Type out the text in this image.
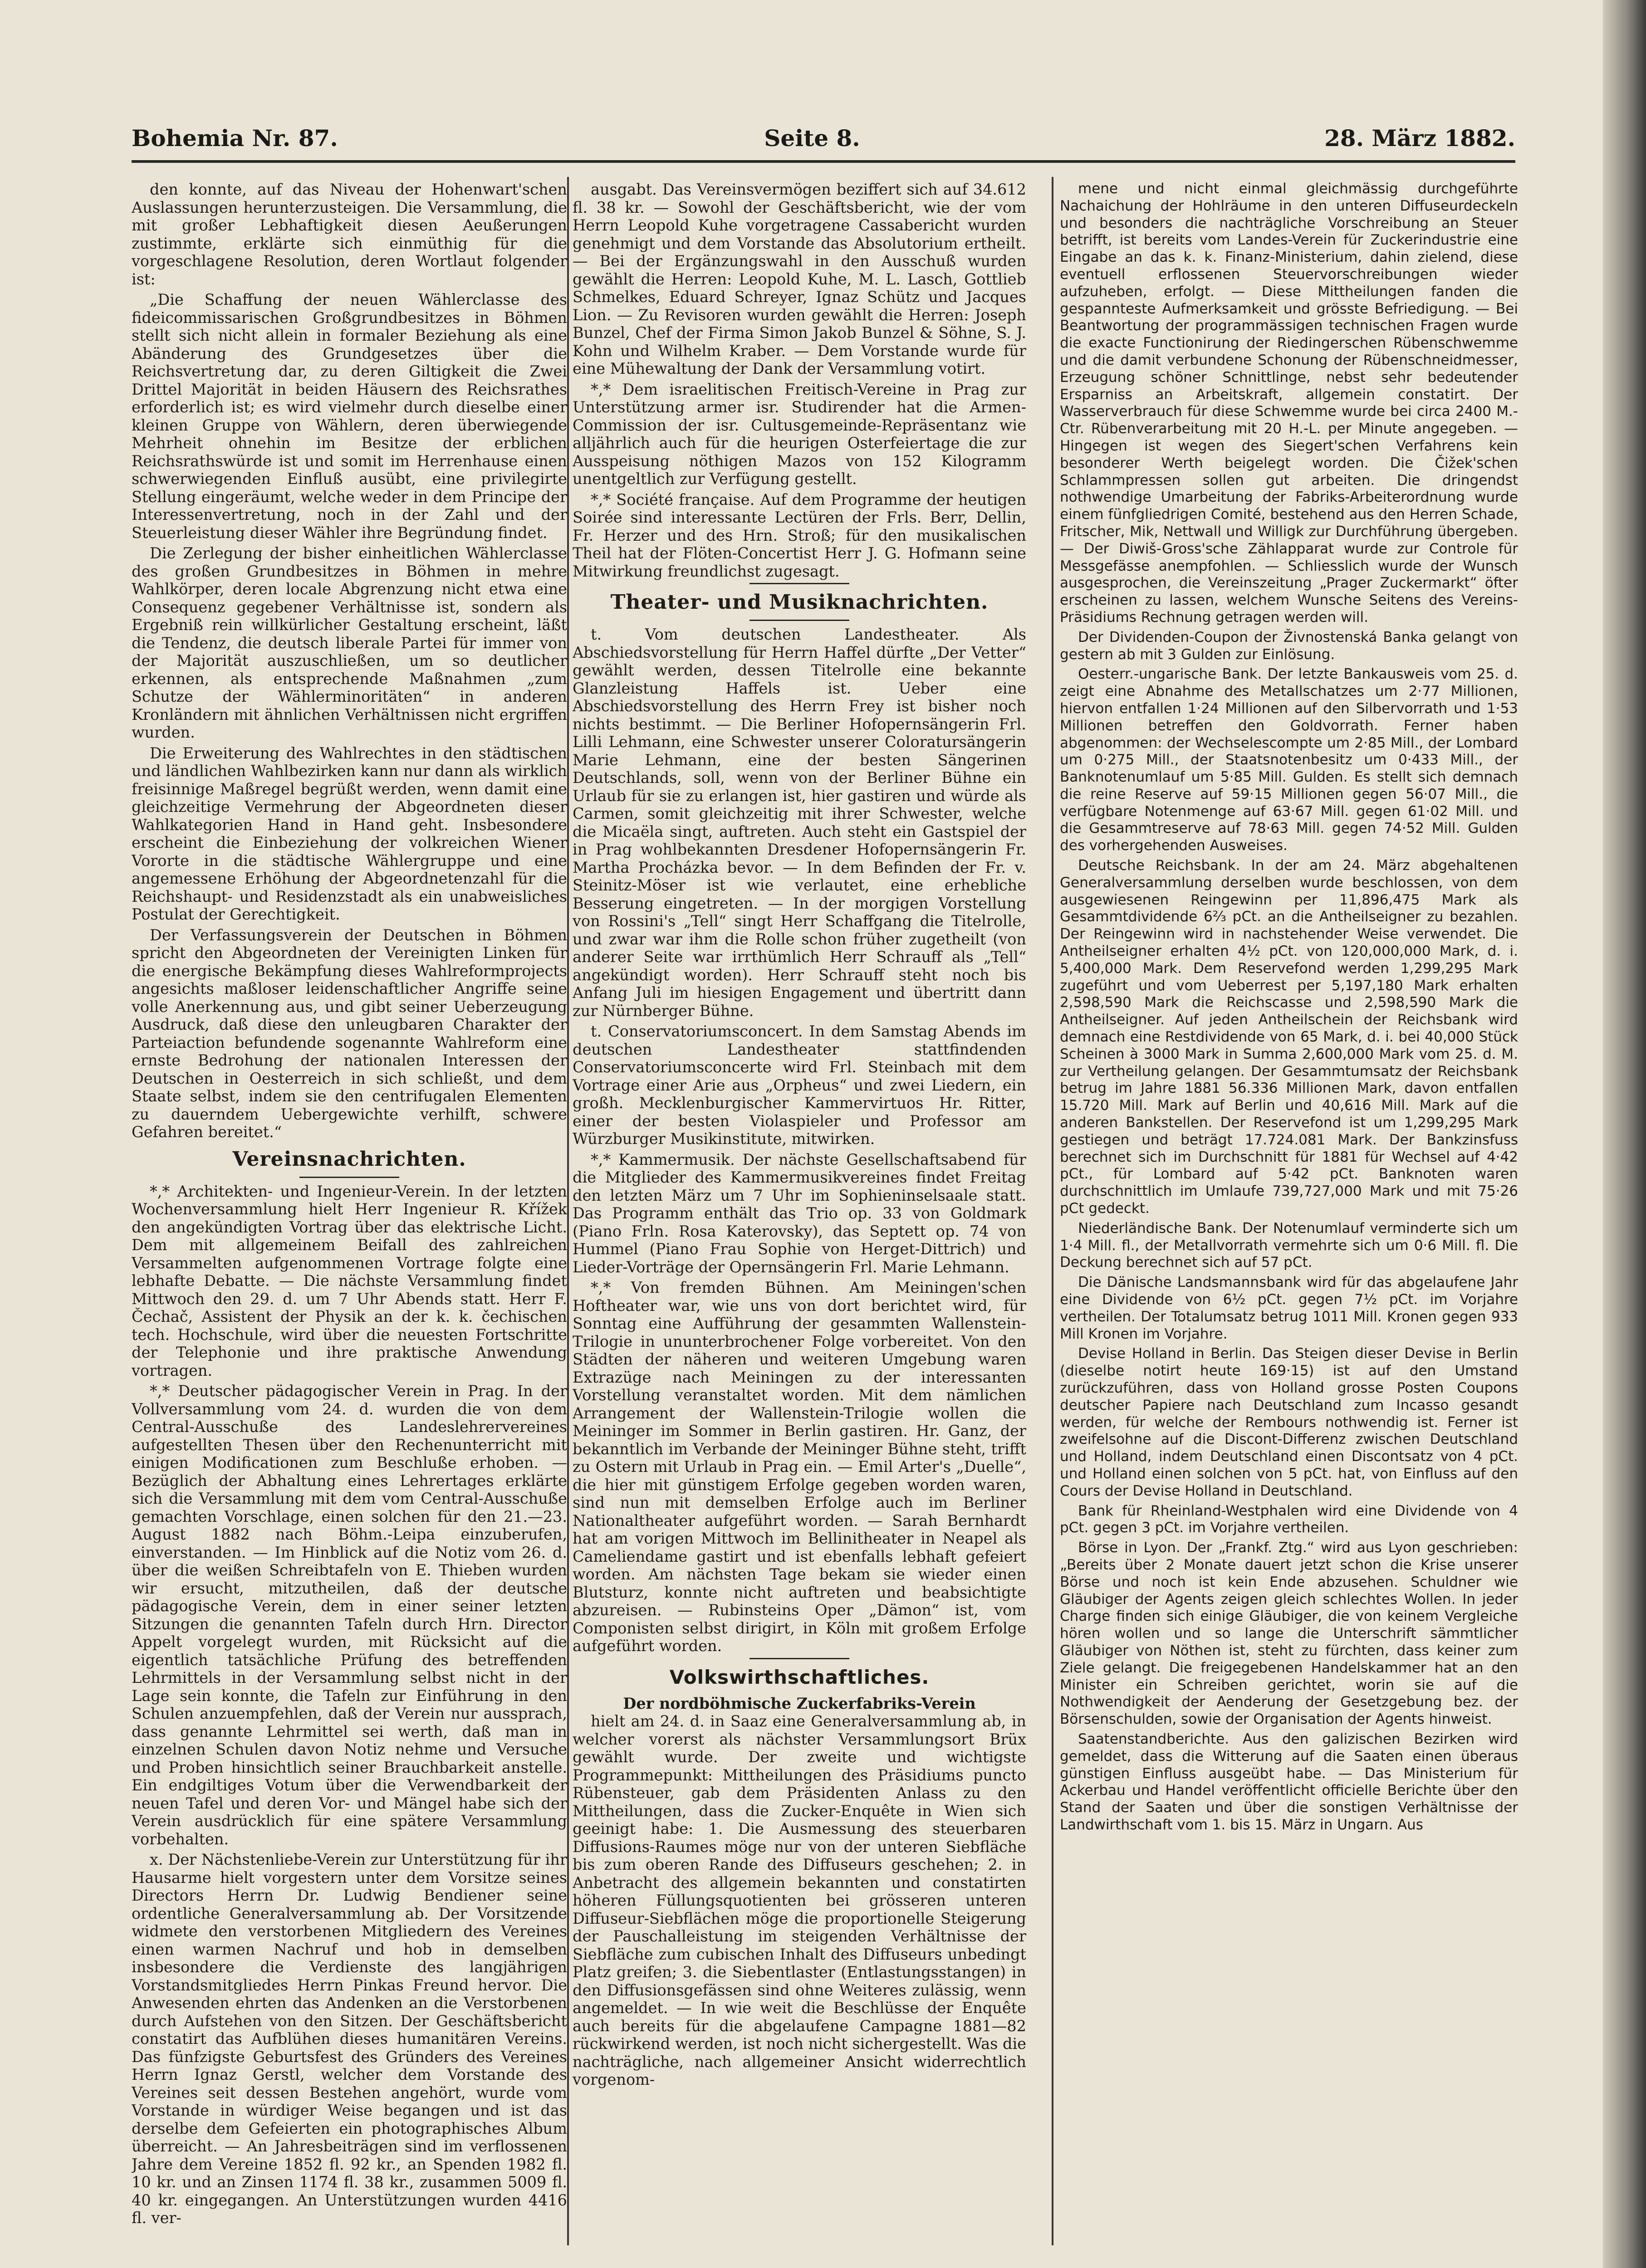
Bohemia Nr. 87.	Seite 8.	28. März 1882.

den konnte, auf das Niveau der Hohenwart'schen Auslassungen herunterzusteigen. Die Versammlung, die mit großer Lebhaftigkeit diesen Aeußerungen zustimmte, erklärte sich einmüthig für die vorgeschlagene Resolution, deren Wortlaut folgender ist:

„Die Schaffung der neuen Wählerclasse des fideicommissarischen Großgrundbesitzes in Böhmen stellt sich nicht allein in formaler Beziehung als eine Abänderung des Grundgesetzes über die Reichsvertretung dar, zu deren Giltigkeit die Zwei Drittel Majorität in beiden Häusern des Reichsrathes erforderlich ist; es wird vielmehr durch dieselbe einer kleinen Gruppe von Wählern, deren überwiegende Mehrheit ohnehin im Besitze der erblichen Reichsrathswürde ist und somit im Herrenhause einen schwerwiegenden Einfluß ausübt, eine privilegirte Stellung eingeräumt, welche weder in dem Principe der Interessenvertretung, noch in der Zahl und der Steuerleistung dieser Wähler ihre Begründung findet.

Die Zerlegung der bisher einheitlichen Wählerclasse des großen Grundbesitzes in Böhmen in mehre Wahlkörper, deren locale Abgrenzung nicht etwa eine Consequenz gegebener Verhältnisse ist, sondern als Ergebniß rein willkürlicher Gestaltung erscheint, läßt die Tendenz, die deutsch liberale Partei für immer von der Majorität auszuschließen, um so deutlicher erkennen, als entsprechende Maßnahmen „zum Schutze der Wählerminoritäten“ in anderen Kronländern mit ähnlichen Verhältnissen nicht ergriffen wurden.

Die Erweiterung des Wahlrechtes in den städtischen und ländlichen Wahlbezirken kann nur dann als wirklich freisinnige Maßregel begrüßt werden, wenn damit eine gleichzeitige Vermehrung der Abgeordneten dieser Wahlkategorien Hand in Hand geht. Insbesondere erscheint die Einbeziehung der volkreichen Wiener Vororte in die städtische Wählergruppe und eine angemessene Erhöhung der Abgeordnetenzahl für die Reichshaupt- und Residenzstadt als ein unabweisliches Postulat der Gerechtigkeit.

Der Verfassungsverein der Deutschen in Böhmen spricht den Abgeordneten der Vereinigten Linken für die energische Bekämpfung dieses Wahlreformprojects angesichts maßloser leidenschaftlicher Angriffe seine volle Anerkennung aus, und gibt seiner Ueberzeugung Ausdruck, daß diese den unleugbaren Charakter der Parteiaction befundende sogenannte Wahlreform eine ernste Bedrohung der nationalen Interessen der Deutschen in Oesterreich in sich schließt, und dem Staate selbst, indem sie den centrifugalen Elementen zu dauerndem Uebergewichte verhilft, schwere Gefahren bereitet.“

Vereinsnachrichten.

*,* Architekten- und Ingenieur-Verein. In der letzten Wochenversammlung hielt Herr Ingenieur R. Křížek den angekündigten Vortrag über das elektrische Licht. Dem mit allgemeinem Beifall des zahlreichen Versammelten aufgenommenen Vortrage folgte eine lebhafte Debatte. — Die nächste Versammlung findet Mittwoch den 29. d. um 7 Uhr Abends statt. Herr F. Čechač, Assistent der Physik an der k. k. čechischen tech. Hochschule, wird über die neuesten Fortschritte der Telephonie und ihre praktische Anwendung vortragen.

*,* Deutscher pädagogischer Verein in Prag. In der Vollversammlung vom 24. d. wurden die von dem Central-Ausschuße des Landeslehrervereines aufgestellten Thesen über den Rechenunterricht mit einigen Modificationen zum Beschluße erhoben. — Bezüglich der Abhaltung eines Lehrertages erklärte sich die Versammlung mit dem vom Central-Ausschuße gemachten Vorschlage, einen solchen für den 21.—23. August 1882 nach Böhm.-Leipa einzuberufen, einverstanden. — Im Hinblick auf die Notiz vom 26. d. über die weißen Schreibtafeln von E. Thieben wurden wir ersucht, mitzutheilen, daß der deutsche pädagogische Verein, dem in einer seiner letzten Sitzungen die genannten Tafeln durch Hrn. Director Appelt vorgelegt wurden, mit Rücksicht auf die eigentlich tatsächliche Prüfung des betreffenden Lehrmittels in der Versammlung selbst nicht in der Lage sein konnte, die Tafeln zur Einführung in den Schulen anzuempfehlen, daß der Verein nur aussprach, dass genannte Lehrmittel sei werth, daß man in einzelnen Schulen davon Notiz nehme und Versuche und Proben hinsichtlich seiner Brauchbarkeit anstelle. Ein endgiltiges Votum über die Verwendbarkeit der neuen Tafel und deren Vor- und Mängel habe sich der Verein ausdrücklich für eine spätere Versammlung vorbehalten.

x. Der Nächstenliebe-Verein zur Unterstützung für ihr Hausarme hielt vorgestern unter dem Vorsitze seines Directors Herrn Dr. Ludwig Bendiener seine ordentliche Generalversammlung ab. Der Vorsitzende widmete den verstorbenen Mitgliedern des Vereines einen warmen Nachruf und hob in demselben insbesondere die Verdienste des langjährigen Vorstandsmitgliedes Herrn Pinkas Freund hervor. Die Anwesenden ehrten das Andenken an die Verstorbenen durch Aufstehen von den Sitzen. Der Geschäftsbericht constatirt das Aufblühen dieses humanitären Vereins. Das fünfzigste Geburtsfest des Gründers des Vereines Herrn Ignaz Gerstl, welcher dem Vorstande des Vereines seit dessen Bestehen angehört, wurde vom Vorstande in würdiger Weise begangen und ist das derselbe dem Gefeierten ein photographisches Album überreicht. — An Jahresbeiträgen sind im verflossenen Jahre dem Vereine 1852 fl. 92 kr., an Spenden 1982 fl. 10 kr. und an Zinsen 1174 fl. 38 kr., zusammen 5009 fl. 40 kr. eingegangen. An Unterstützungen wurden 4416 fl. ver-

ausgabt. Das Vereinsvermögen beziffert sich auf 34.612 fl. 38 kr. — Sowohl der Geschäftsbericht, wie der vom Herrn Leopold Kuhe vorgetragene Cassabericht wurden genehmigt und dem Vorstande das Absolutorium ertheilt. — Bei der Ergänzungswahl in den Ausschuß wurden gewählt die Herren: Leopold Kuhe, M. L. Lasch, Gottlieb Schmelkes, Eduard Schreyer, Ignaz Schütz und Jacques Lion. — Zu Revisoren wurden gewählt die Herren: Joseph Bunzel, Chef der Firma Simon Jakob Bunzel & Söhne, S. J. Kohn und Wilhelm Kraber. — Dem Vorstande wurde für eine Mühewaltung der Dank der Versammlung votirt.

*,* Dem israelitischen Freitisch-Vereine in Prag zur Unterstützung armer isr. Studirender hat die Armen-Commission der isr. Cultusgemeinde-Repräsentanz wie alljährlich auch für die heurigen Osterfeiertage die zur Ausspeisung nöthigen Mazos von 152 Kilogramm unentgeltlich zur Verfügung gestellt.

*,* Société française. Auf dem Programme der heutigen Soirée sind interessante Lectüren der Frls. Berr, Dellin, Fr. Herzer und des Hrn. Stroß; für den musikalischen Theil hat der Flöten-Concertist Herr J. G. Hofmann seine Mitwirkung freundlichst zugesagt.

Theater- und Musiknachrichten.

t. Vom deutschen Landestheater. Als Abschiedsvorstellung für Herrn Haffel dürfte „Der Vetter“ gewählt werden, dessen Titelrolle eine bekannte Glanzleistung Haffels ist. Ueber eine Abschiedsvorstellung des Herrn Frey ist bisher noch nichts bestimmt. — Die Berliner Hofopernsängerin Frl. Lilli Lehmann, eine Schwester unserer Coloratursängerin Marie Lehmann, eine der besten Sängerinen Deutschlands, soll, wenn von der Berliner Bühne ein Urlaub für sie zu erlangen ist, hier gastiren und würde als Carmen, somit gleichzeitig mit ihrer Schwester, welche die Micaëla singt, auftreten. Auch steht ein Gastspiel der in Prag wohlbekannten Dresdener Hofopernsängerin Fr. Martha Procházka bevor. — In dem Befinden der Fr. v. Steinitz-Möser ist wie verlautet, eine erhebliche Besserung eingetreten. — In der morgigen Vorstellung von Rossini's „Tell“ singt Herr Schaffgang die Titelrolle, und zwar war ihm die Rolle schon früher zugetheilt (von anderer Seite war irrthümlich Herr Schrauff als „Tell“ angekündigt worden). Herr Schrauff steht noch bis Anfang Juli im hiesigen Engagement und übertritt dann zur Nürnberger Bühne.

t. Conservatoriumsconcert. In dem Samstag Abends im deutschen Landestheater stattfindenden Conservatoriumsconcerte wird Frl. Steinbach mit dem Vortrage einer Arie aus „Orpheus“ und zwei Liedern, ein großh. Mecklenburgischer Kammervirtuos Hr. Ritter, einer der besten Violaspieler und Professor am Würzburger Musikinstitute, mitwirken.

*,* Kammermusik. Der nächste Gesellschaftsabend für die Mitglieder des Kammermusikvereines findet Freitag den letzten März um 7 Uhr im Sophieninselsaale statt. Das Programm enthält das Trio op. 33 von Goldmark (Piano Frln. Rosa Katerovsky), das Septett op. 74 von Hummel (Piano Frau Sophie von Herget-Dittrich) und Lieder-Vorträge der Opernsängerin Frl. Marie Lehmann.

*,* Von fremden Bühnen. Am Meiningen'schen Hoftheater war, wie uns von dort berichtet wird, für Sonntag eine Aufführung der gesammten Wallenstein-Trilogie in ununterbrochener Folge vorbereitet. Von den Städten der näheren und weiteren Umgebung waren Extrazüge nach Meiningen zu der interessanten Vorstellung veranstaltet worden. Mit dem nämlichen Arrangement der Wallenstein-Trilogie wollen die Meininger im Sommer in Berlin gastiren. Hr. Ganz, der bekanntlich im Verbande der Meininger Bühne steht, trifft zu Ostern mit Urlaub in Prag ein. — Emil Arter's „Duelle“, die hier mit günstigem Erfolge gegeben worden waren, sind nun mit demselben Erfolge auch im Berliner Nationaltheater aufgeführt worden. — Sarah Bernhardt hat am vorigen Mittwoch im Bellinitheater in Neapel als Cameliendame gastirt und ist ebenfalls lebhaft gefeiert worden. Am nächsten Tage bekam sie wieder einen Blutsturz, konnte nicht auftreten und beabsichtigte abzureisen. — Rubinsteins Oper „Dämon“ ist, vom Componisten selbst dirigirt, in Köln mit großem Erfolge aufgeführt worden.

Volkswirthschaftliches.

Der nordböhmische Zuckerfabriks-Verein

hielt am 24. d. in Saaz eine Generalversammlung ab, in welcher vorerst als nächster Versammlungsort Brüx gewählt wurde. Der zweite und wichtigste Programmepunkt: Mittheilungen des Präsidiums puncto Rübensteuer, gab dem Präsidenten Anlass zu den Mittheilungen, dass die Zucker-Enquête in Wien sich geeinigt habe: 1. Die Ausmessung des steuerbaren Diffusions-Raumes möge nur von der unteren Siebfläche bis zum oberen Rande des Diffuseurs geschehen; 2. in Anbetracht des allgemein bekannten und constatirten höheren Füllungsquotienten bei grösseren unteren Diffuseur-Siebflächen möge die proportionelle Steigerung der Pauschalleistung im steigenden Verhältnisse der Siebfläche zum cubischen Inhalt des Diffuseurs unbedingt Platz greifen; 3. die Siebentlaster (Entlastungsstangen) in den Diffusionsgefässen sind ohne Weiteres zulässig, wenn angemeldet. — In wie weit die Beschlüsse der Enquête auch bereits für die abgelaufene Campagne 1881—82 rückwirkend werden, ist noch nicht sichergestellt. Was die nachträgliche, nach allgemeiner Ansicht widerrechtlich vorgenom-

mene und nicht einmal gleichmässig durchgeführte Nachaichung der Hohlräume in den unteren Diffuseurdeckeln und besonders die nachträgliche Vorschreibung an Steuer betrifft, ist bereits vom Landes-Verein für Zuckerindustrie eine Eingabe an das k. k. Finanz-Ministerium, dahin zielend, diese eventuell erflossenen Steuervorschreibungen wieder aufzuheben, erfolgt. — Diese Mittheilungen fanden die gespannteste Aufmerksamkeit und grösste Befriedigung. — Bei Beantwortung der programmässigen technischen Fragen wurde die exacte Functionirung der Riedingerschen Rübenschwemme und die damit verbundene Schonung der Rübenschneidmesser, Erzeugung schöner Schnittlinge, nebst sehr bedeutender Ersparniss an Arbeitskraft, allgemein constatirt. Der Wasserverbrauch für diese Schwemme wurde bei circa 2400 M.-Ctr. Rübenverarbeitung mit 20 H.-L. per Minute angegeben. — Hingegen ist wegen des Siegert'schen Verfahrens kein besonderer Werth beigelegt worden. Die Čižek'schen Schlammpressen sollen gut arbeiten. Die dringendst nothwendige Umarbeitung der Fabriks-Arbeiterordnung wurde einem fünfgliedrigen Comité, bestehend aus den Herren Schade, Fritscher, Mik, Nettwall und Willigk zur Durchführung übergeben. — Der Diwiš-Gross'sche Zählapparat wurde zur Controle für Messgefässe anempfohlen. — Schliesslich wurde der Wunsch ausgesprochen, die Vereinszeitung „Prager Zuckermarkt“ öfter erscheinen zu lassen, welchem Wunsche Seitens des Vereins-Präsidiums Rechnung getragen werden will.

Der Dividenden-Coupon der Živnostenská Banka gelangt von gestern ab mit 3 Gulden zur Einlösung.

Oesterr.-ungarische Bank. Der letzte Bankausweis vom 25. d. zeigt eine Abnahme des Metallschatzes um 2·77 Millionen, hiervon entfallen 1·24 Millionen auf den Silbervorrath und 1·53 Millionen betreffen den Goldvorrath. Ferner haben abgenommen: der Wechselescompte um 2·85 Mill., der Lombard um 0·275 Mill., der Staatsnotenbesitz um 0·433 Mill., der Banknotenumlauf um 5·85 Mill. Gulden. Es stellt sich demnach die reine Reserve auf 59·15 Millionen gegen 56·07 Mill., die verfügbare Notenmenge auf 63·67 Mill. gegen 61·02 Mill. und die Gesammtreserve auf 78·63 Mill. gegen 74·52 Mill. Gulden des vorhergehenden Ausweises.

Deutsche Reichsbank. In der am 24. März abgehaltenen Generalversammlung derselben wurde beschlossen, von dem ausgewiesenen Reingewinn per 11,896,475 Mark als Gesammtdividende 6⅔ pCt. an die Antheilseigner zu bezahlen. Der Reingewinn wird in nachstehender Weise verwendet. Die Antheilseigner erhalten 4½ pCt. von 120,000,000 Mark, d. i. 5,400,000 Mark. Dem Reservefond werden 1,299,295 Mark zugeführt und vom Ueberrest per 5,197,180 Mark erhalten 2,598,590 Mark die Reichscasse und 2,598,590 Mark die Antheilseigner. Auf jeden Antheilschein der Reichsbank wird demnach eine Restdividende von 65 Mark, d. i. bei 40,000 Stück Scheinen à 3000 Mark in Summa 2,600,000 Mark vom 25. d. M. zur Vertheilung gelangen. Der Gesammtumsatz der Reichsbank betrug im Jahre 1881 56.336 Millionen Mark, davon entfallen 15.720 Mill. Mark auf Berlin und 40,616 Mill. Mark auf die anderen Bankstellen. Der Reservefond ist um 1,299,295 Mark gestiegen und beträgt 17.724.081 Mark. Der Bankzinsfuss berechnet sich im Durchschnitt für 1881 für Wechsel auf 4·42 pCt., für Lombard auf 5·42 pCt. Banknoten waren durchschnittlich im Umlaufe 739,727,000 Mark und mit 75·26 pCt gedeckt.

Niederländische Bank. Der Notenumlauf verminderte sich um 1·4 Mill. fl., der Metallvorrath vermehrte sich um 0·6 Mill. fl. Die Deckung berechnet sich auf 57 pCt.

Die Dänische Landsmannsbank wird für das abgelaufene Jahr eine Dividende von 6½ pCt. gegen 7½ pCt. im Vorjahre vertheilen. Der Totalumsatz betrug 1011 Mill. Kronen gegen 933 Mill Kronen im Vorjahre.

Devise Holland in Berlin. Das Steigen dieser Devise in Berlin (dieselbe notirt heute 169·15) ist auf den Umstand zurückzuführen, dass von Holland grosse Posten Coupons deutscher Papiere nach Deutschland zum Incasso gesandt werden, für welche der Rembours nothwendig ist. Ferner ist zweifelsohne auf die Discont-Differenz zwischen Deutschland und Holland, indem Deutschland einen Discontsatz von 4 pCt. und Holland einen solchen von 5 pCt. hat, von Einfluss auf den Cours der Devise Holland in Deutschland.

Bank für Rheinland-Westphalen wird eine Dividende von 4 pCt. gegen 3 pCt. im Vorjahre vertheilen.

Börse in Lyon. Der „Frankf. Ztg.“ wird aus Lyon geschrieben: „Bereits über 2 Monate dauert jetzt schon die Krise unserer Börse und noch ist kein Ende abzusehen. Schuldner wie Gläubiger der Agents zeigen gleich schlechtes Wollen. In jeder Charge finden sich einige Gläubiger, die von keinem Vergleiche hören wollen und so lange die Unterschrift sämmtlicher Gläubiger von Nöthen ist, steht zu fürchten, dass keiner zum Ziele gelangt. Die freigegebenen Handelskammer hat an den Minister ein Schreiben gerichtet, worin sie auf die Nothwendigkeit der Aenderung der Gesetzgebung bez. der Börsenschulden, sowie der Organisation der Agents hinweist.

Saatenstandberichte. Aus den galizischen Bezirken wird gemeldet, dass die Witterung auf die Saaten einen überaus günstigen Einfluss ausgeübt habe. — Das Ministerium für Ackerbau und Handel veröffentlicht officielle Berichte über den Stand der Saaten und über die sonstigen Verhältnisse der Landwirthschaft vom 1. bis 15. März in Ungarn. Aus
